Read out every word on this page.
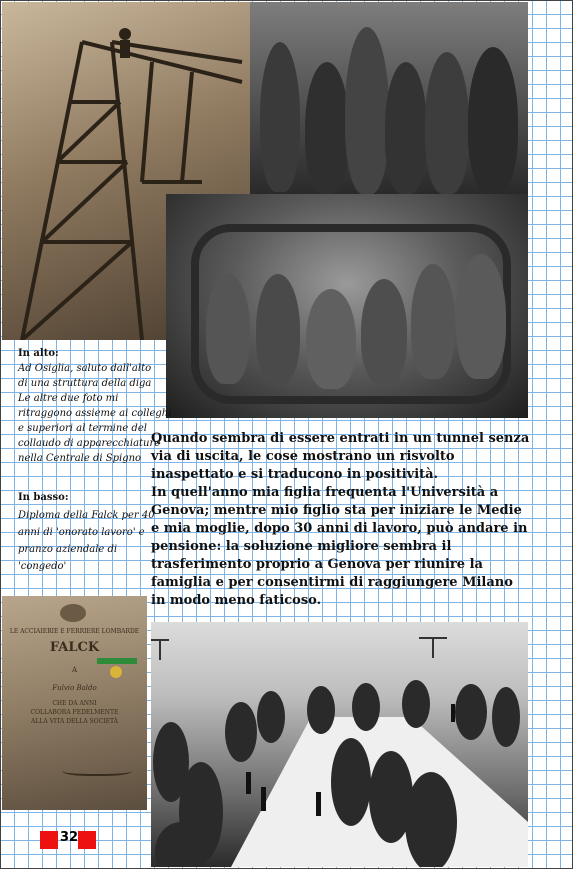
In alto:
Ad Osiglia, saluto dall'alto
di una struttura della diga
Le altre due foto mi
ritraggono assieme ai colleghi
e superiori al termine del
collaudo di apparecchiature
nella Centrale di Spigno
In basso:
Diploma della Falck per 40
anni di 'onorato lavoro' e
pranzo aziendale di
'congedo'

Quando sembra di essere entrati in un tunnel senza via di uscita, le cose mostrano un risvolto inaspettato e si traducono in positività.

In quell'anno mia figlia frequenta l'Università a Genova; mentre mio figlio sta per iniziare le Medie e mia moglie, dopo 30 anni di lavoro, può andare in pensione: la soluzione migliore sembra il trasferimento proprio a Genova per riunire la famiglia e per consentirmi di raggiungere Milano in modo meno faticoso.

LE ACCIAIERIE E FERRIERE LOMBARDE
FALCK
A
Fulvio Baldo
CHE DA ANNI
COLLABORA FEDELMENTE
ALLA VITA DELLA SOCIETÀ
32
